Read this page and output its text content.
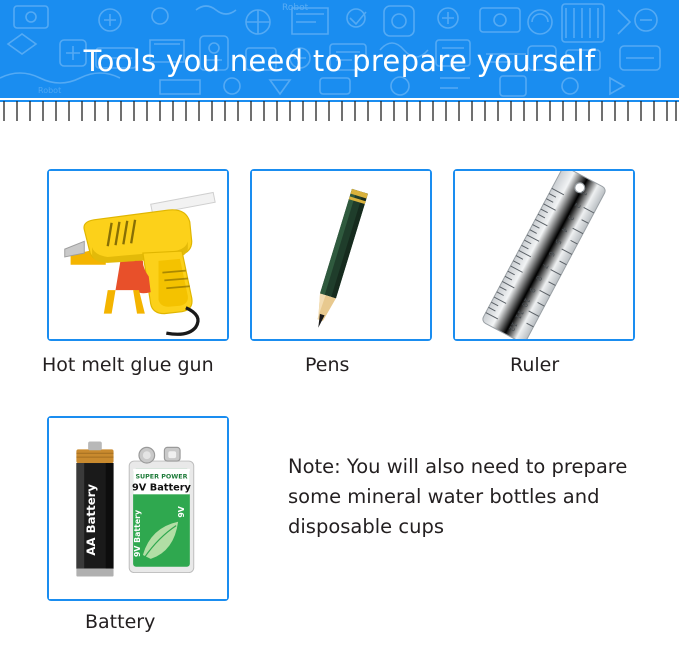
Robot
Robot
Tools you need to prepare yourself
Hot melt glue gun	Pens
1
2
3
4
5
6
7
8
9
10
11
12
Ruler
AA Battery
SUPER POWER
9V Battery
9V Battery	9V
Battery
Note: You will also need to prepare some mineral water bottles and disposable cups
